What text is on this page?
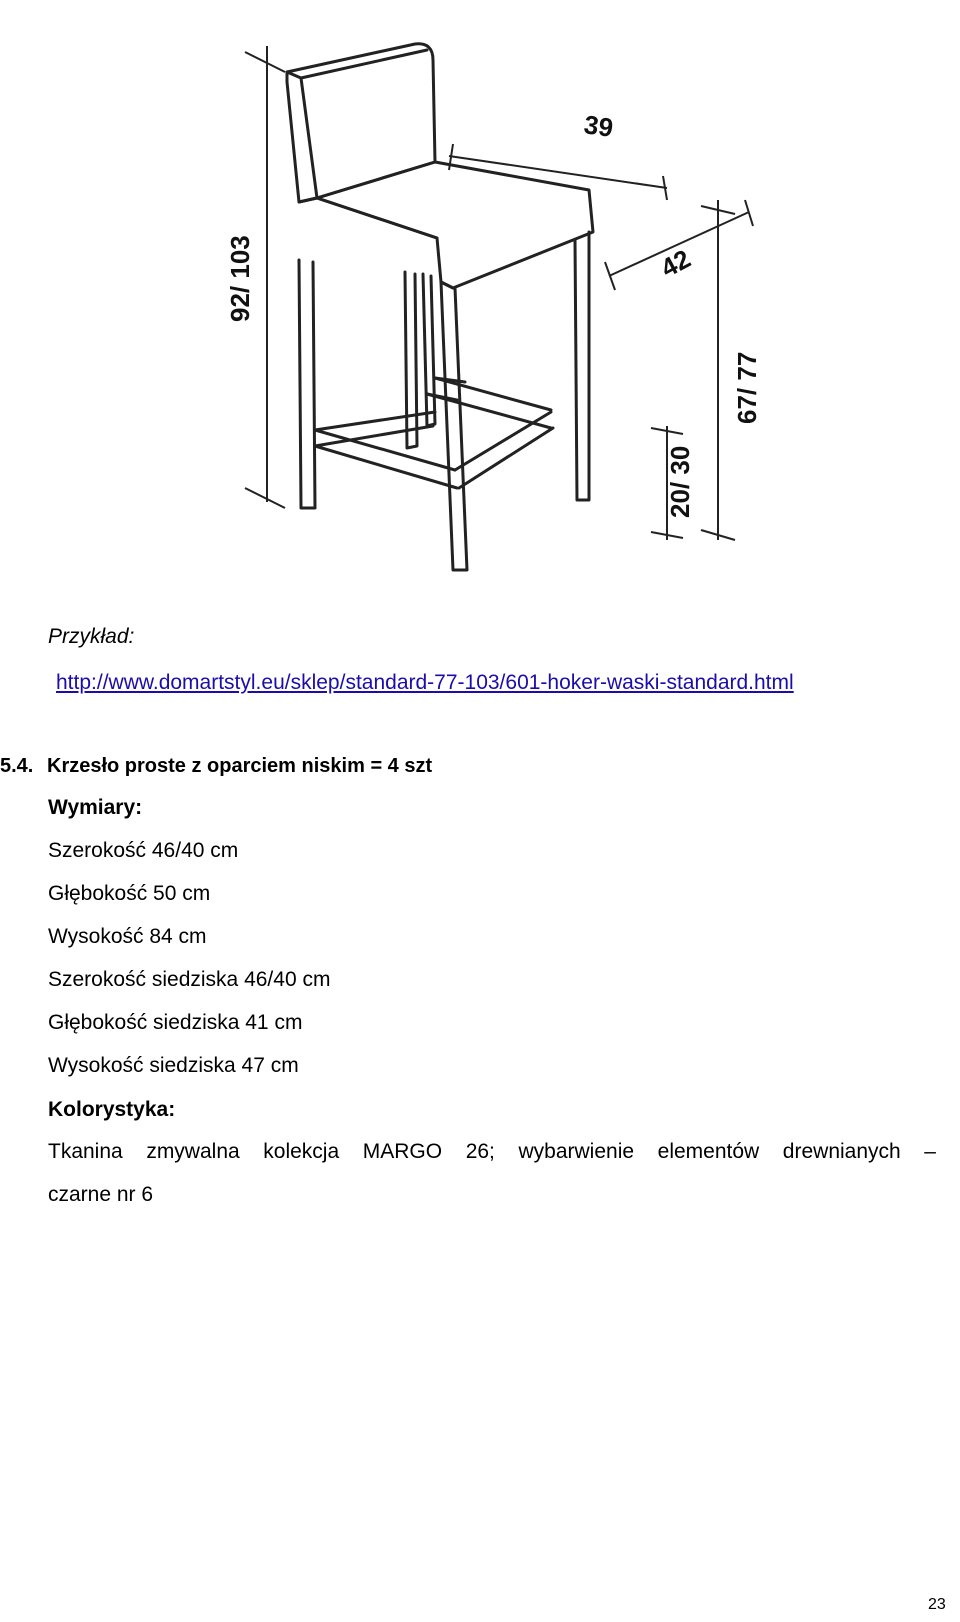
39
42
92/ 103
67/ 77
20/ 30
Przykład:
http://www.domartstyl.eu/sklep/standard-77-103/601-hoker-waski-standard.html
5.4. Krzesło proste z oparciem niskim = 4 szt
Wymiary:
Szerokość 46/40 cm
Głębokość 50 cm
Wysokość 84 cm
Szerokość siedziska 46/40 cm
Głębokość siedziska 41 cm
Wysokość siedziska 47 cm
Kolorystyka:
Tkanina zmywalna kolekcja MARGO 26; wybarwienie elementów drewnianych –
czarne nr 6
23
